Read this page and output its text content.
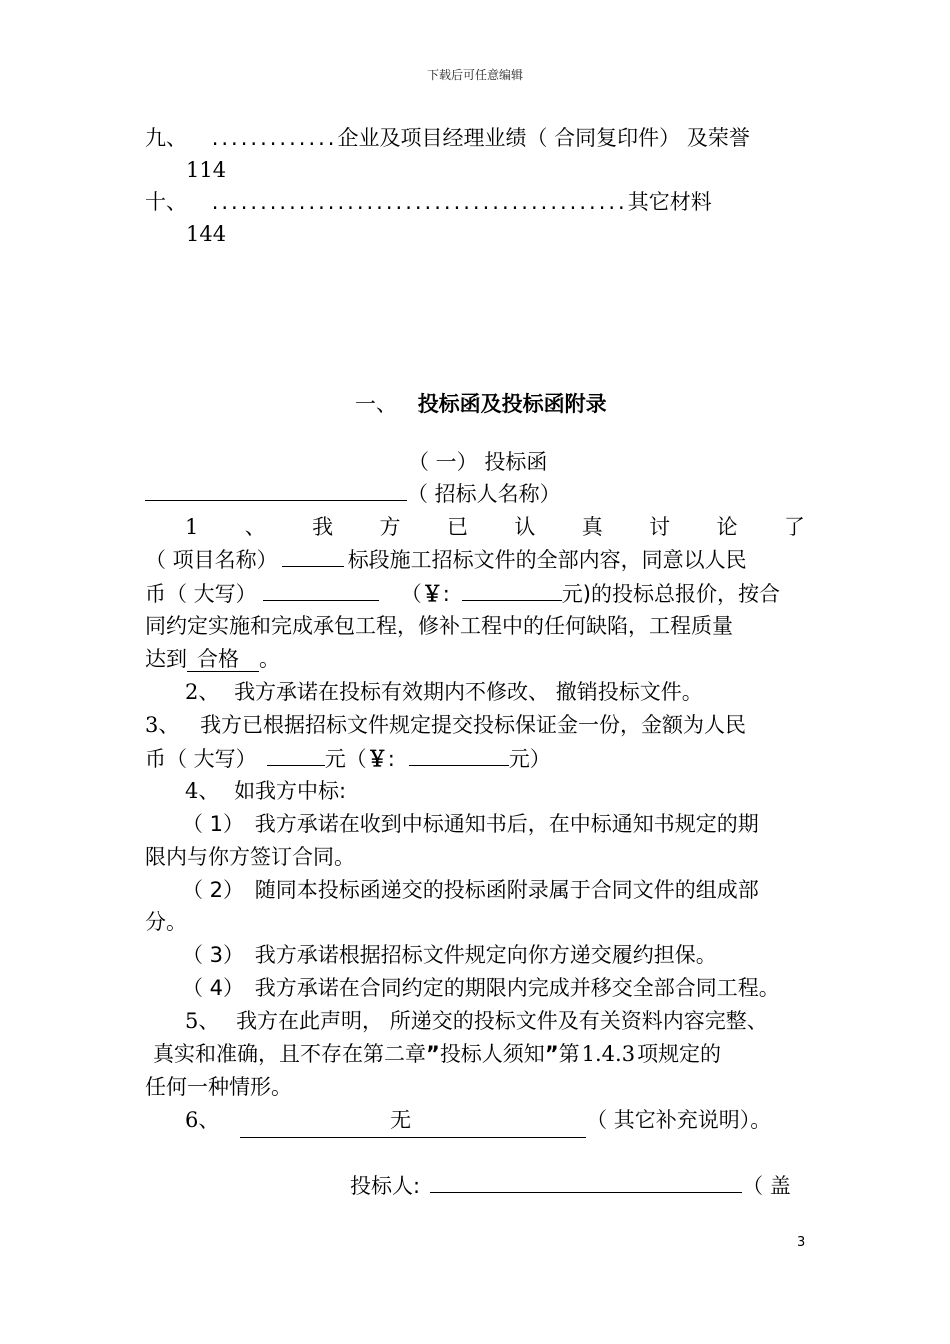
下载后可任意编辑
九、 .............企业及项目经理业绩（ 合同复印件） 及荣誉
114
十、 ...........................................其它材料
144
一、 投标函及投标函附录
（ 一） 投标函
（ 招标人名称）
1 、 我 方 已 认 真 讨 论 了
（ 项目名称）	标段施工招标文件的全部内容，同意以人民
币（ 大写）	（￥:	元)的投标总报价，按合
同约定实施和完成承包工程，修补工程中的任何缺陷，工程质量
达到 合格 。
2、 我方承诺在投标有效期内不修改、 撤销投标文件。
3、 我方已根据招标文件规定提交投标保证金一份，金额为人民
币（ 大写）	元（￥:	元）
4、 如我方中标:
（ 1） 我方承诺在收到中标通知书后，在中标通知书规定的期
限内与你方签订合同。
（ 2） 随同本投标函递交的投标函附录属于合同文件的组成部
分。
（ 3） 我方承诺根据招标文件规定向你方递交履约担保。
（ 4） 我方承诺在合同约定的期限内完成并移交全部合同工程。
5、 我方在此声明， 所递交的投标文件及有关资料内容完整、
真实和准确，且不存在第二章”投标人须知”第1.4.3项规定的
任何一种情形。
6、	无	（ 其它补充说明）。
投标人:	（ 盖
3
